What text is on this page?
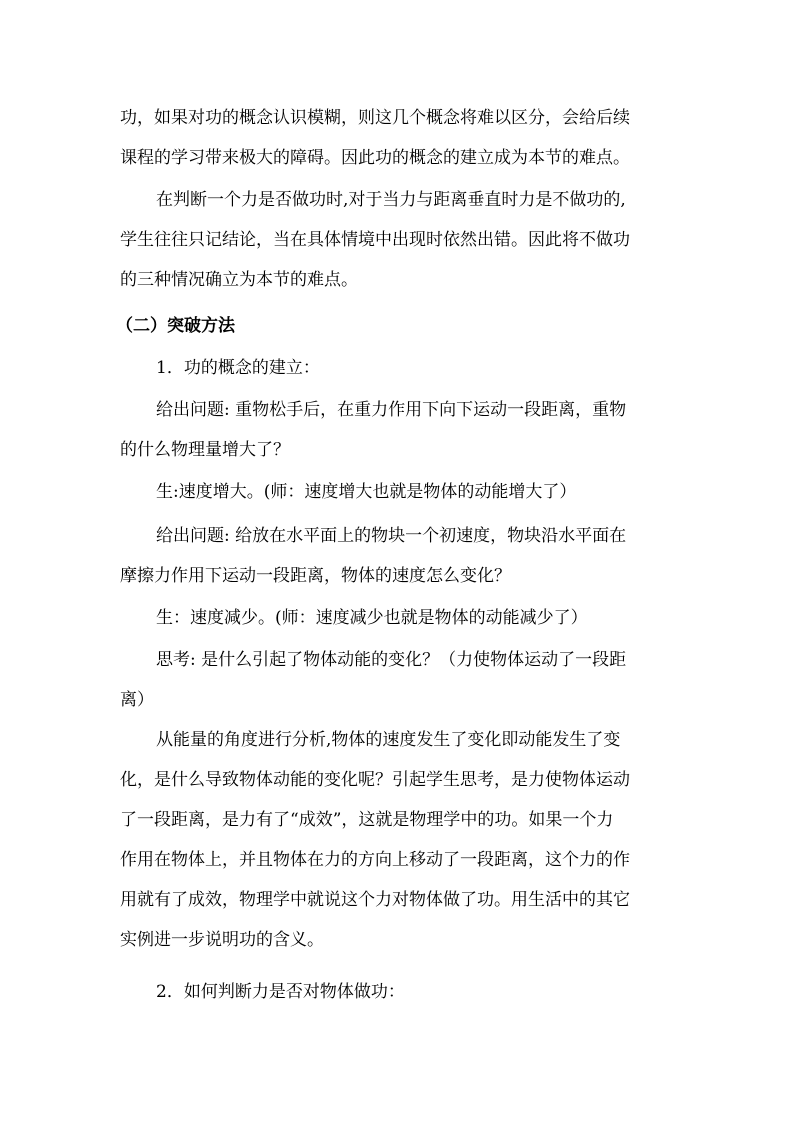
功，如果对功的概念认识模糊，则这几个概念将难以区分，会给后续
课程的学习带来极大的障碍。因此功的概念的建立成为本节的难点。

在判断一个力是否做功时,对于当力与距离垂直时力是不做功的,
学生往往只记结论，当在具体情境中出现时依然出错。因此将不做功
的三种情况确立为本节的难点。

（二）突破方法

1．功的概念的建立：

给出问题: 重物松手后，在重力作用下向下运动一段距离，重物
的什么物理量增大了？

生:速度增大。(师：速度增大也就是物体的动能增大了）

给出问题: 给放在水平面上的物块一个初速度，物块沿水平面在
摩擦力作用下运动一段距离，物体的速度怎么变化？

生：速度减少。(师：速度减少也就是物体的动能减少了）

思考: 是什么引起了物体动能的变化？（力使物体运动了一段距
离）

从能量的角度进行分析,物体的速度发生了变化即动能发生了变
化，是什么导致物体动能的变化呢？引起学生思考，是力使物体运动
了一段距离，是力有了“成效”，这就是物理学中的功。如果一个力
作用在物体上，并且物体在力的方向上移动了一段距离，这个力的作
用就有了成效，物理学中就说这个力对物体做了功。用生活中的其它
实例进一步说明功的含义。

2．如何判断力是否对物体做功：
